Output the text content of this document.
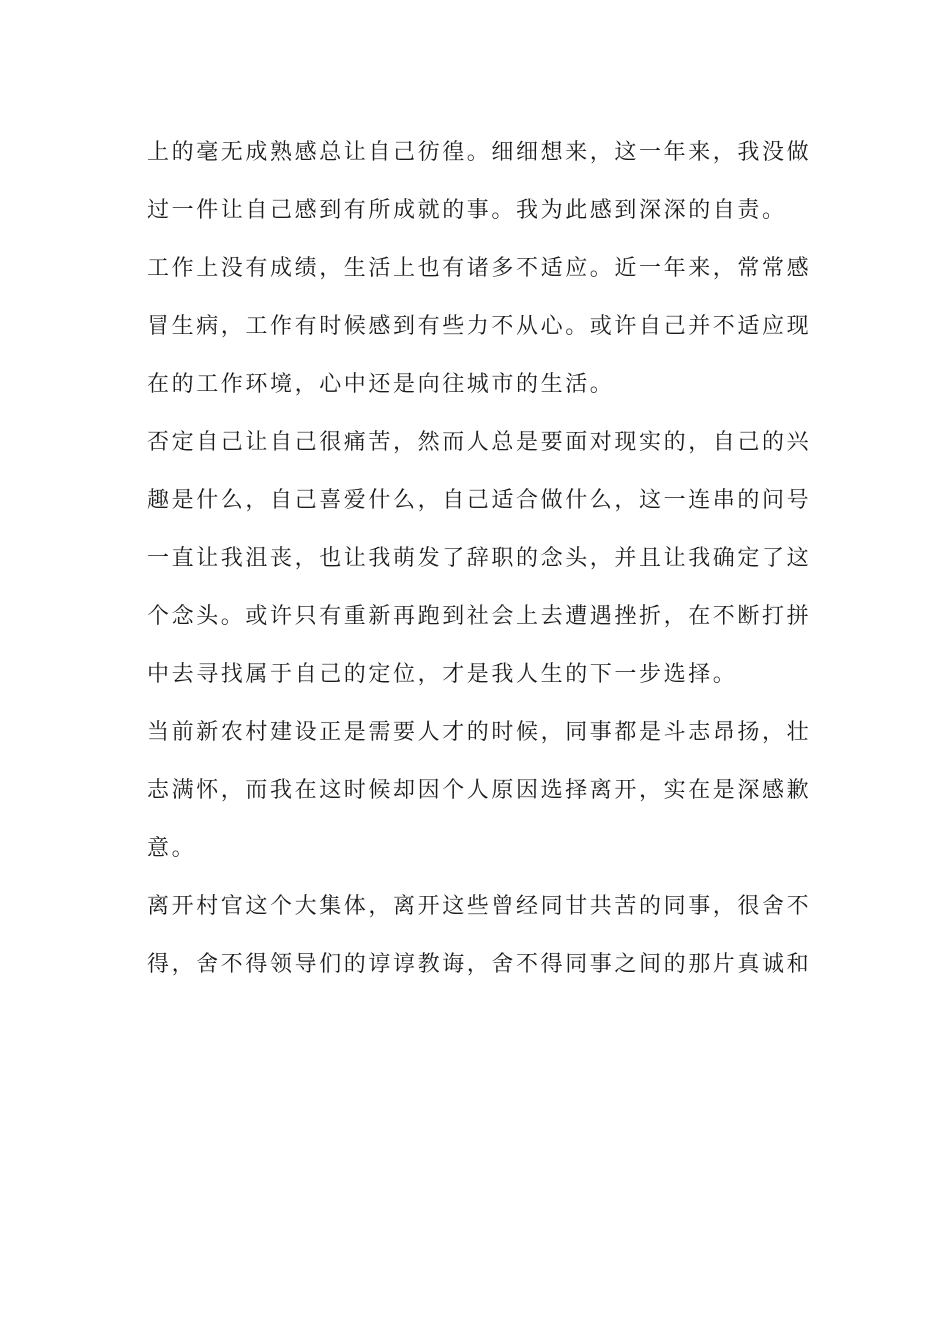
上的毫无成熟感总让自己彷徨。细细想来，这一年来，我没做
过一件让自己感到有所成就的事。我为此感到深深的自责。
工作上没有成绩，生活上也有诸多不适应。近一年来，常常感
冒生病，工作有时候感到有些力不从心。或许自己并不适应现
在的工作环境，心中还是向往城市的生活。
否定自己让自己很痛苦，然而人总是要面对现实的，自己的兴
趣是什么，自己喜爱什么，自己适合做什么，这一连串的问号
一直让我沮丧，也让我萌发了辞职的念头，并且让我确定了这
个念头。或许只有重新再跑到社会上去遭遇挫折，在不断打拼
中去寻找属于自己的定位，才是我人生的下一步选择。
当前新农村建设正是需要人才的时候，同事都是斗志昂扬，壮
志满怀，而我在这时候却因个人原因选择离开，实在是深感歉
意。
离开村官这个大集体，离开这些曾经同甘共苦的同事，很舍不
得，舍不得领导们的谆谆教诲，舍不得同事之间的那片真诚和
